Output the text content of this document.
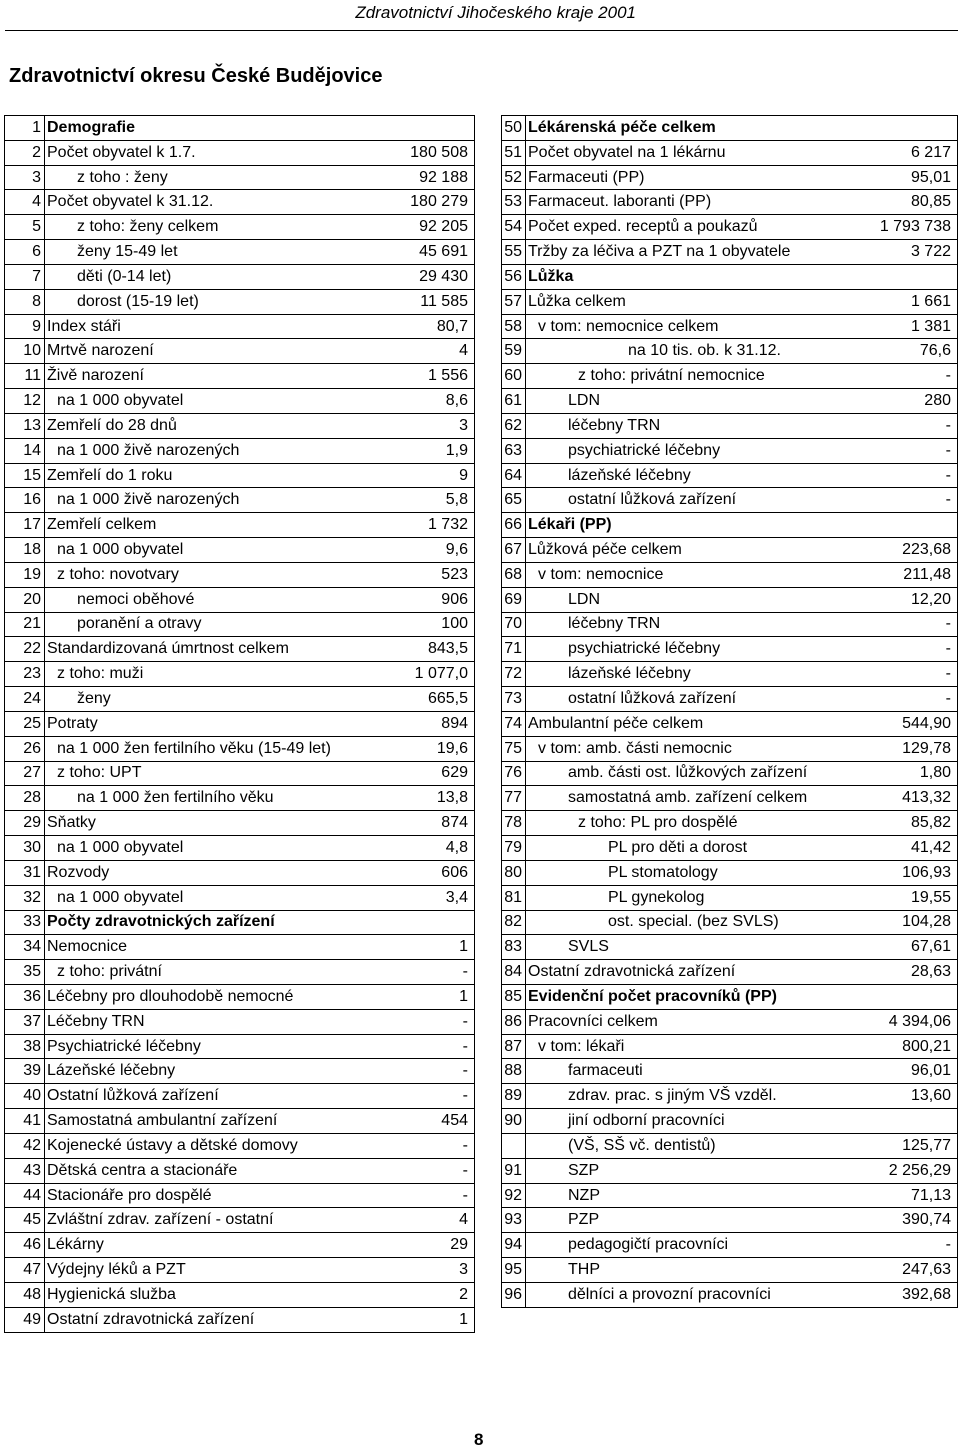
Zdravotnictví Jihočeského kraje 2001
Zdravotnictví okresu České Budějovice
1	Demografie	
2	Počet obyvatel k 1.7.	180 508
3	z toho : ženy	92 188
4	Počet obyvatel k 31.12.	180 279
5	z toho: ženy celkem	92 205
6	ženy 15-49 let	45 691
7	děti (0-14 let)	29 430
8	dorost (15-19 let)	11 585
9	Index stáři	80,7
10	Mrtvě narození	4
11	Živě narození	1 556
12	na 1 000 obyvatel	8,6
13	Zemřelí do 28 dnů	3
14	na 1 000 živě narozených	1,9
15	Zemřelí do 1 roku	9
16	na 1 000 živě narozených	5,8
17	Zemřelí celkem	1 732
18	na 1 000 obyvatel	9,6
19	z toho: novotvary	523
20	nemoci oběhové	906
21	poranění a otravy	100
22	Standardizovaná úmrtnost celkem	843,5
23	z toho: muži	1 077,0
24	ženy	665,5
25	Potraty	894
26	na 1 000 žen fertilního věku (15-49 let)	19,6
27	z toho: UPT	629
28	na 1 000 žen fertilního věku	13,8
29	Sňatky	874
30	na 1 000 obyvatel	4,8
31	Rozvody	606
32	na 1 000 obyvatel	3,4
33	Počty zdravotnických zařízení	
34	Nemocnice	1
35	z toho: privátní	-
36	Léčebny pro dlouhodobě nemocné	1
37	Léčebny TRN	-
38	Psychiatrické léčebny	-
39	Lázeňské léčebny	-
40	Ostatní lůžková zařízení	-
41	Samostatná ambulantní zařízení	454
42	Kojenecké ústavy a dětské domovy	-
43	Dětská centra a stacionáře	-
44	Stacionáře pro dospělé	-
45	Zvláštní zdrav. zařízení - ostatní	4
46	Lékárny	29
47	Výdejny léků a PZT	3
48	Hygienická služba	2
49	Ostatní zdravotnická zařízení	1
50	Lékárenská péče celkem	
51	Počet obyvatel na 1 lékárnu	6 217
52	Farmaceuti (PP)	95,01
53	Farmaceut. laboranti (PP)	80,85
54	Počet exped. receptů a poukazů	1 793 738
55	Tržby za léčiva a PZT na 1 obyvatele	3 722
56	Lůžka	
57	Lůžka celkem	1 661
58	v tom: nemocnice celkem	1 381
59	na 10 tis. ob. k 31.12.	76,6
60	z toho: privátní nemocnice	-
61	LDN	280
62	léčebny TRN	-
63	psychiatrické léčebny	-
64	lázeňské léčebny	-
65	ostatní lůžková zařízení	-
66	Lékaři (PP)	
67	Lůžková péče celkem	223,68
68	v tom: nemocnice	211,48
69	LDN	12,20
70	léčebny TRN	-
71	psychiatrické léčebny	-
72	lázeňské léčebny	-
73	ostatní lůžková zařízení	-
74	Ambulantní péče celkem	544,90
75	v tom: amb. části nemocnic	129,78
76	amb. části ost. lůžkových zařízení	1,80
77	samostatná amb. zařízení celkem	413,32
78	z toho: PL pro dospělé	85,82
79	PL pro děti a dorost	41,42
80	PL stomatology	106,93
81	PL gynekolog	19,55
82	ost. special. (bez SVLS)	104,28
83	SVLS	67,61
84	Ostatní zdravotnická zařízení	28,63
85	Evidenční počet pracovníků (PP)	
86	Pracovníci celkem	4 394,06
87	v tom: lékaři	800,21
88	farmaceuti	96,01
89	zdrav. prac. s jiným VŠ vzděl.	13,60
90	jiní odborní pracovníci	
	(VŠ, SŠ vč. dentistů)	125,77
91	SZP	2 256,29
92	NZP	71,13
93	PZP	390,74
94	pedagogičtí pracovníci	-
95	THP	247,63
96	dělníci a provozní pracovníci	392,68
8
